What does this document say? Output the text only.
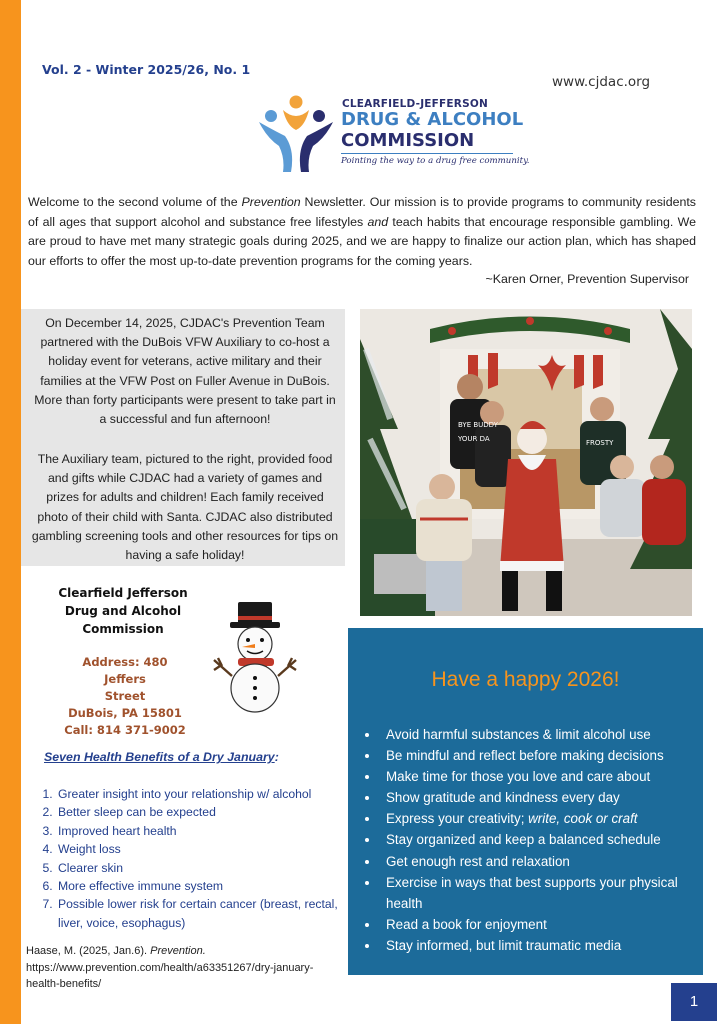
Vol. 2 - Winter 2025/26, No. 1
www.cjdac.org
CLEARFIELD-JEFFERSON
DRUG & ALCOHOL
COMMISSION
Pointing the way to a drug free community.
Welcome to the second volume of the Prevention Newsletter. Our mission is to provide programs to community residents of all ages that support alcohol and substance free lifestyles and teach habits that encourage responsible gambling. We are proud to have met many strategic goals during 2025, and we are happy to finalize our action plan, which has shaped our efforts to offer the most up-to-date prevention programs for the coming years.
~Karen Orner, Prevention Supervisor

On December 14, 2025, CJDAC's Prevention Team partnered with the DuBois VFW Auxiliary to co-host a holiday event for veterans, active military and their families at the VFW Post on Fuller Avenue in DuBois. More than forty participants were present to take part in a successful and fun afternoon!

The Auxiliary team, pictured to the right, provided food and gifts while CJDAC had a variety of games and prizes for adults and children! Each family received photo of their child with Santa. CJDAC also distributed gambling screening tools and other resources for tips on having a safe holiday!

BYE BUDDY
YOUR DA	FROSTY
Clearfield Jefferson
Drug and Alcohol
Commission
Address: 480 Jeffers
Street
DuBois, PA 15801
Call: 814 371-9002
Seven Health Benefits of a Dry January:
1. Greater insight into your relationship w/ alcohol
2. Better sleep can be expected
3. Improved heart health
4. Weight loss
5. Clearer skin
6. More effective immune system
7. Possible lower risk for certain cancer (breast, rectal, liver, voice, esophagus)
Haase, M. (2025, Jan.6). Prevention.
https://www.prevention.com/health/a63351267/dry-january-health-benefits/
Have a happy 2026!
• Avoid harmful substances & limit alcohol use
• Be mindful and reflect before making decisions
• Make time for those you love and care about
• Show gratitude and kindness every day
• Express your creativity; write, cook or craft
• Stay organized and keep a balanced schedule
• Get enough rest and relaxation
• Exercise in ways that best supports your physical health
• Read a book for enjoyment
• Stay informed, but limit traumatic media
1
